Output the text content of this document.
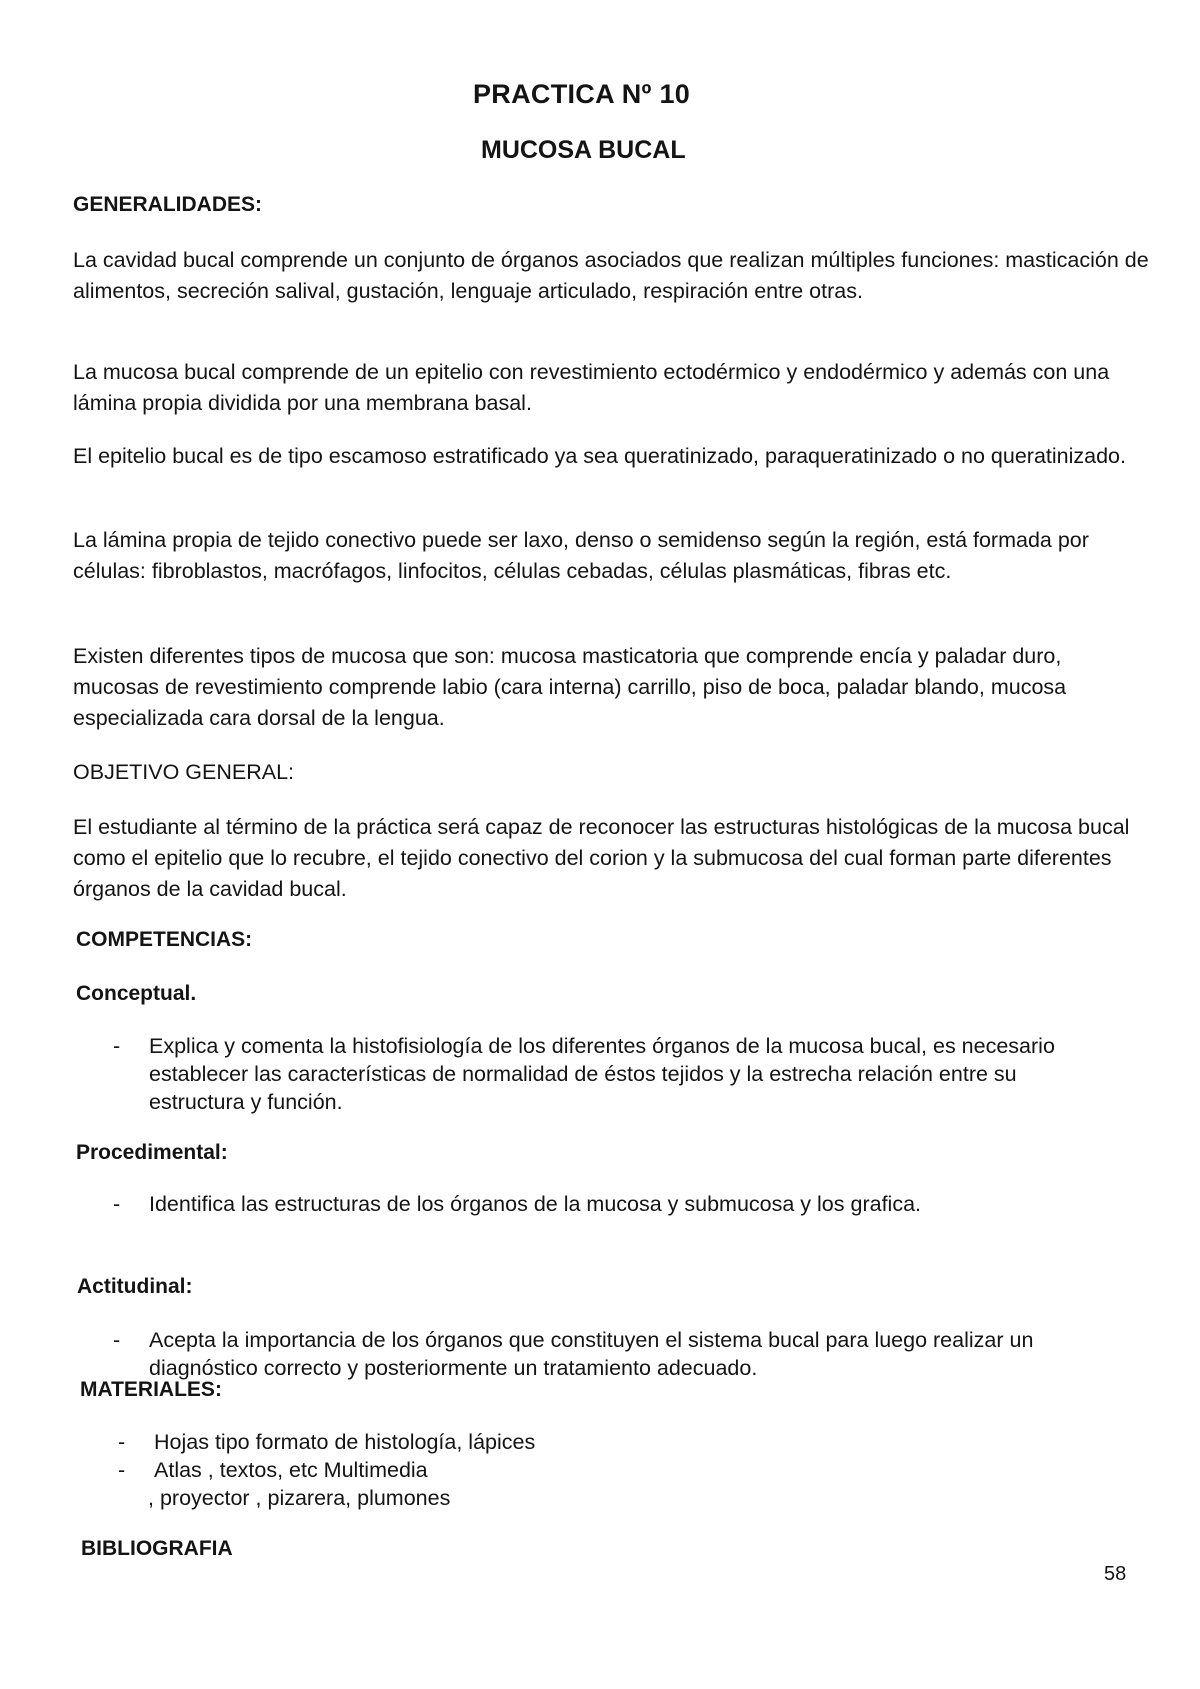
PRACTICA Nº 10
MUCOSA BUCAL
GENERALIDADES:

La cavidad bucal comprende un conjunto de órganos asociados que realizan múltiples funciones: masticación de alimentos, secreción salival, gustación, lenguaje articulado, respiración entre otras.

La mucosa bucal comprende de un epitelio con revestimiento ectodérmico y endodérmico y además con una lámina propia dividida por una membrana basal.

El epitelio bucal es de tipo escamoso estratificado ya sea queratinizado, paraqueratinizado o no queratinizado.

La lámina propia de tejido conectivo puede ser laxo, denso o semidenso según la región, está formada por células: fibroblastos, macrófagos, linfocitos, células cebadas, células plasmáticas, fibras etc.

Existen diferentes tipos de mucosa que son: mucosa masticatoria que comprende encía y paladar duro, mucosas de revestimiento comprende labio (cara interna) carrillo, piso de boca, paladar blando, mucosa especializada cara dorsal de la lengua.

OBJETIVO GENERAL:

El estudiante al término de la práctica será capaz de reconocer las estructuras histológicas de la mucosa bucal como el epitelio que lo recubre, el tejido conectivo del corion y la submucosa del cual forman parte diferentes órganos de la cavidad bucal.

COMPETENCIAS:
Conceptual.
- Explica y comenta la histofisiología de los diferentes órganos de la mucosa bucal, es necesario establecer las características de normalidad de éstos tejidos y la estrecha relación entre su estructura y función.
Procedimental:
- Identifica las estructuras de los órganos de la mucosa y submucosa y los grafica.
Actitudinal:
- Acepta la importancia de los órganos que constituyen el sistema bucal para luego realizar un diagnóstico correcto y posteriormente un tratamiento adecuado.
MATERIALES:
- Hojas tipo formato de histología, lápices
- Atlas , textos, etc Multimedia
, proyector , pizarera, plumones
BIBLIOGRAFIA
58
